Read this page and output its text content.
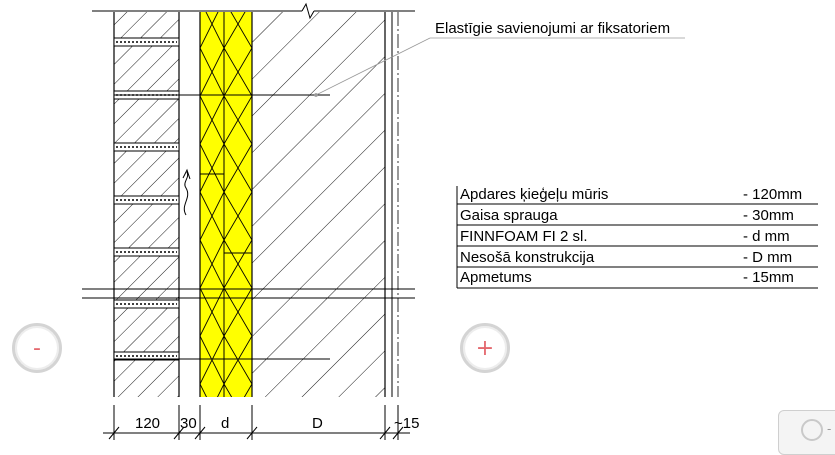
Elastīgie savienojumi ar fiksatoriem
Apdares ķieģeļu mūris	- 120mm
Gaisa sprauga	- 30mm
FINNFOAM FI 2 sl.	- d mm
Nesošā konstrukcija	- D mm
Apmetums	- 15mm
120 30 d	D	~15
-	+
-
